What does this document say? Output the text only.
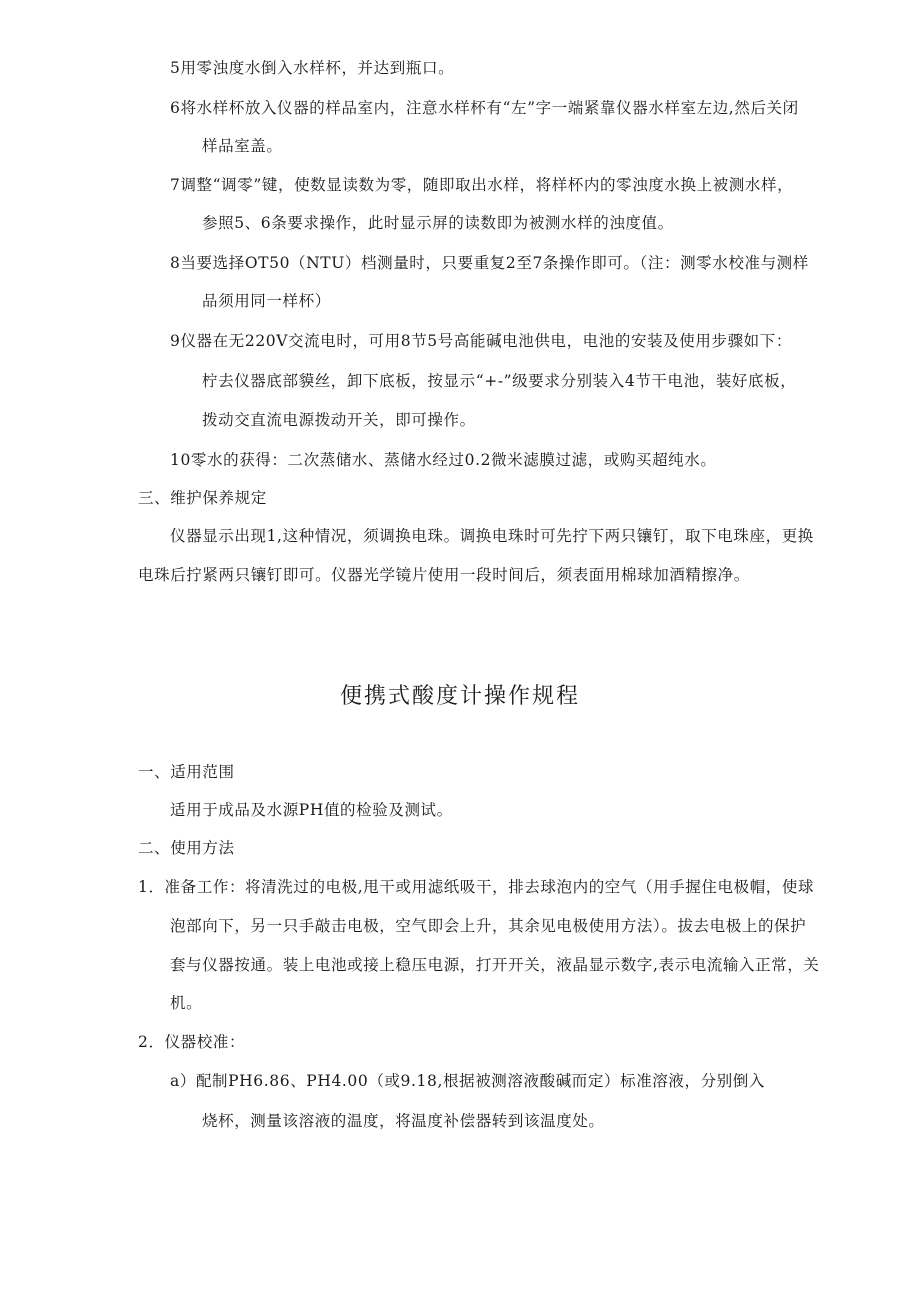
5用零浊度水倒入水样杯，并达到瓶口。
6将水样杯放入仪器的样品室内，注意水样杯有“左”字一端紧靠仪器水样室左边,然后关闭
样品室盖。
7调整“调零”键，使数显读数为零，随即取出水样，将样杯内的零浊度水换上被测水样，
参照5、6条要求操作，此时显示屏的读数即为被测水样的浊度值。
8当要选择OT50（NTU）档测量时，只要重复2至7条操作即可。（注：测零水校准与测样
品须用同一样杯）
9仪器在无220V交流电时，可用8节5号高能碱电池供电，电池的安装及使用步骤如下：
柠去仪器底部貘丝，卸下底板，按显示“+-”级要求分别装入4节干电池，装好底板，
拨动交直流电源拨动开关，即可操作。
10零水的获得：二次蒸储水、蒸储水经过0.2微米滤膜过滤，或购买超纯水。
三、维护保养规定
仪器显示出现1,这种情况，须调换电珠。调换电珠时可先拧下两只镶钉，取下电珠座，更换
电珠后拧紧两只镶钉即可。仪器光学镜片使用一段时间后，须表面用棉球加酒精擦净。
便携式酸度计操作规程
一、适用范围
适用于成品及水源PH值的检验及测试。
二、使用方法
1．准备工作：将清洗过的电极,甩干或用滤纸吸干，排去球泡内的空气（用手握住电极帽，使球
泡部向下，另一只手敲击电极，空气即会上升，其余见电极使用方法）。拔去电极上的保护
套与仪器按通。装上电池或接上稳压电源，打开开关，液晶显示数字,表示电流输入正常，关
机。
2．仪器校准：
a）配制PH6.86、PH4.00（或9.18,根据被测溶液酸碱而定）标准溶液，分别倒入
烧杯，测量该溶液的温度，将温度补偿器转到该温度处。
